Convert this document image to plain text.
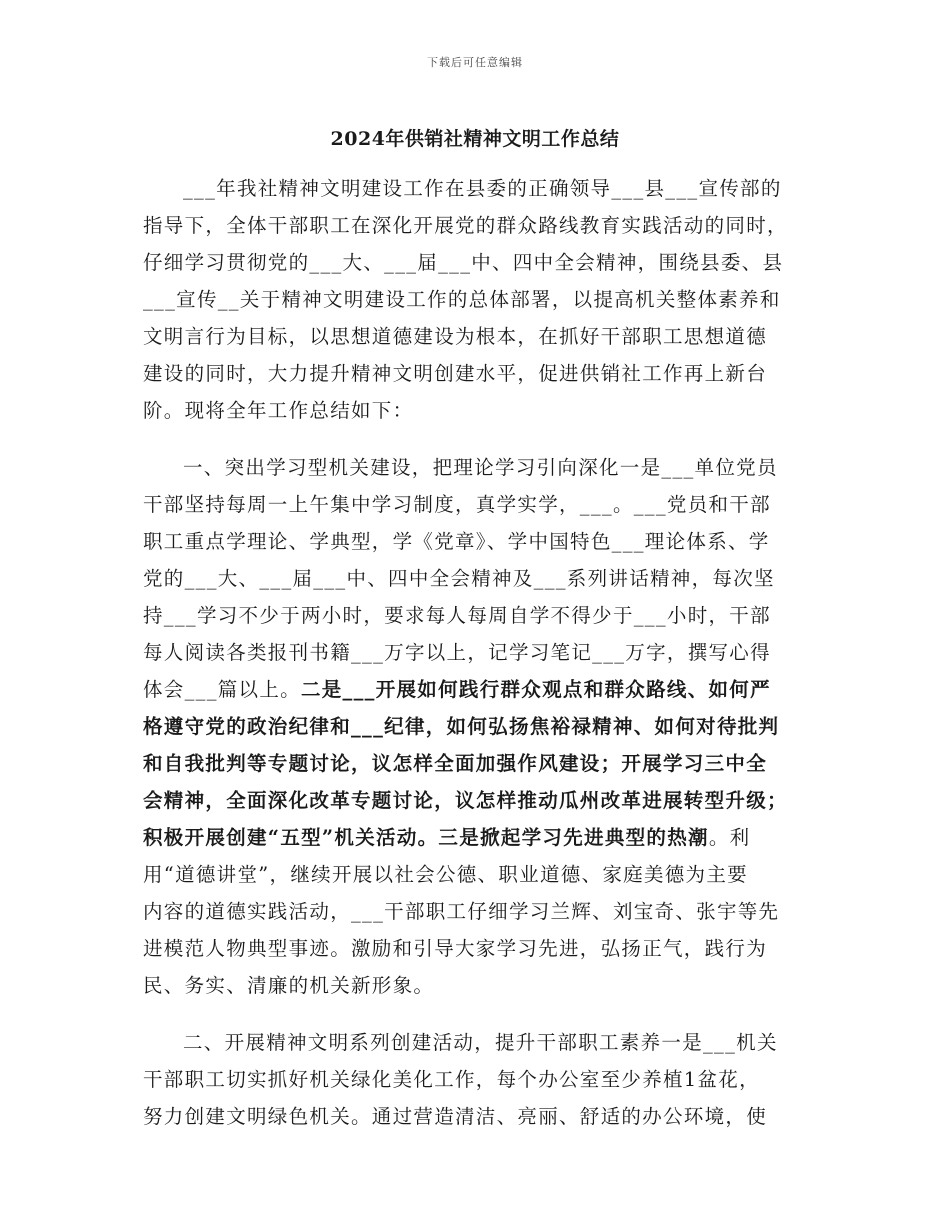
下载后可任意编辑
2024年供销社精神文明工作总结
___年我社精神文明建设工作在县委的正确领导___县___宣传部的
指导下，全体干部职工在深化开展党的群众路线教育实践活动的同时，
仔细学习贯彻党的___大、___届___中、四中全会精神，围绕县委、县
___宣传__关于精神文明建设工作的总体部署，以提高机关整体素养和
文明言行为目标，以思想道德建设为根本，在抓好干部职工思想道德
建设的同时，大力提升精神文明创建水平，促进供销社工作再上新台
阶。现将全年工作总结如下：
一、突出学习型机关建设，把理论学习引向深化一是___单位党员
干部坚持每周一上午集中学习制度，真学实学，___。___党员和干部
职工重点学理论、学典型，学《党章》、学中国特色___理论体系、学
党的___大、___届___中、四中全会精神及___系列讲话精神，每次坚
持___学习不少于两小时，要求每人每周自学不得少于___小时，干部
每人阅读各类报刊书籍___万字以上，记学习笔记___万字，撰写心得
体会___篇以上。二是___开展如何践行群众观点和群众路线、如何严
格遵守党的政治纪律和___纪律，如何弘扬焦裕禄精神、如何对待批判
和自我批判等专题讨论，议怎样全面加强作风建设；开展学习三中全
会精神，全面深化改革专题讨论，议怎样推动瓜州改革进展转型升级；
积极开展创建“五型”机关活动。三是掀起学习先进典型的热潮。利
用“道德讲堂”，继续开展以社会公德、职业道德、家庭美德为主要
内容的道德实践活动，___干部职工仔细学习兰辉、刘宝奇、张宇等先
进模范人物典型事迹。激励和引导大家学习先进，弘扬正气，践行为
民、务实、清廉的机关新形象。
二、开展精神文明系列创建活动，提升干部职工素养一是___机关
干部职工切实抓好机关绿化美化工作，每个办公室至少养植1盆花，
努力创建文明绿色机关。通过营造清洁、亮丽、舒适的办公环境，使
